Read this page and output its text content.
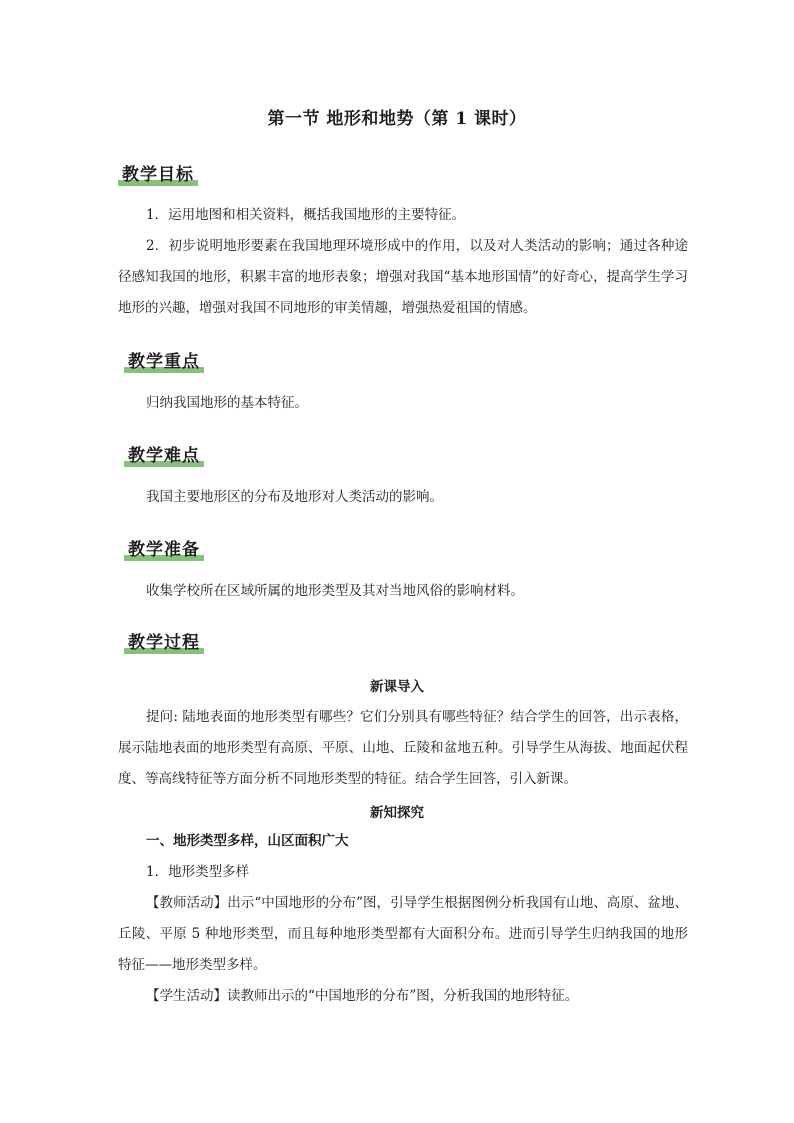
第一节 地形和地势（第 1 课时）
教学目标
1．运用地图和相关资料，概括我国地形的主要特征。
2．初步说明地形要素在我国地理环境形成中的作用，以及对人类活动的影响；通过各种途径感知我国的地形，积累丰富的地形表象；增强对我国“基本地形国情”的好奇心，提高学生学习地形的兴趣，增强对我国不同地形的审美情趣，增强热爱祖国的情感。
教学重点
归纳我国地形的基本特征。
教学难点
我国主要地形区的分布及地形对人类活动的影响。
教学准备
收集学校所在区域所属的地形类型及其对当地风俗的影响材料。
教学过程
新课导入
提问: 陆地表面的地形类型有哪些？它们分别具有哪些特征？结合学生的回答，出示表格，展示陆地表面的地形类型有高原、平原、山地、丘陵和盆地五种。引导学生从海拔、地面起伏程度、等高线特征等方面分析不同地形类型的特征。结合学生回答，引入新课。
新知探究
一、地形类型多样，山区面积广大
1．地形类型多样
【教师活动】出示“中国地形的分布”图，引导学生根据图例分析我国有山地、高原、盆地、丘陵、平原 5 种地形类型，而且每种地形类型都有大面积分布。进而引导学生归纳我国的地形特征——地形类型多样。
【学生活动】读教师出示的“中国地形的分布”图，分析我国的地形特征。
